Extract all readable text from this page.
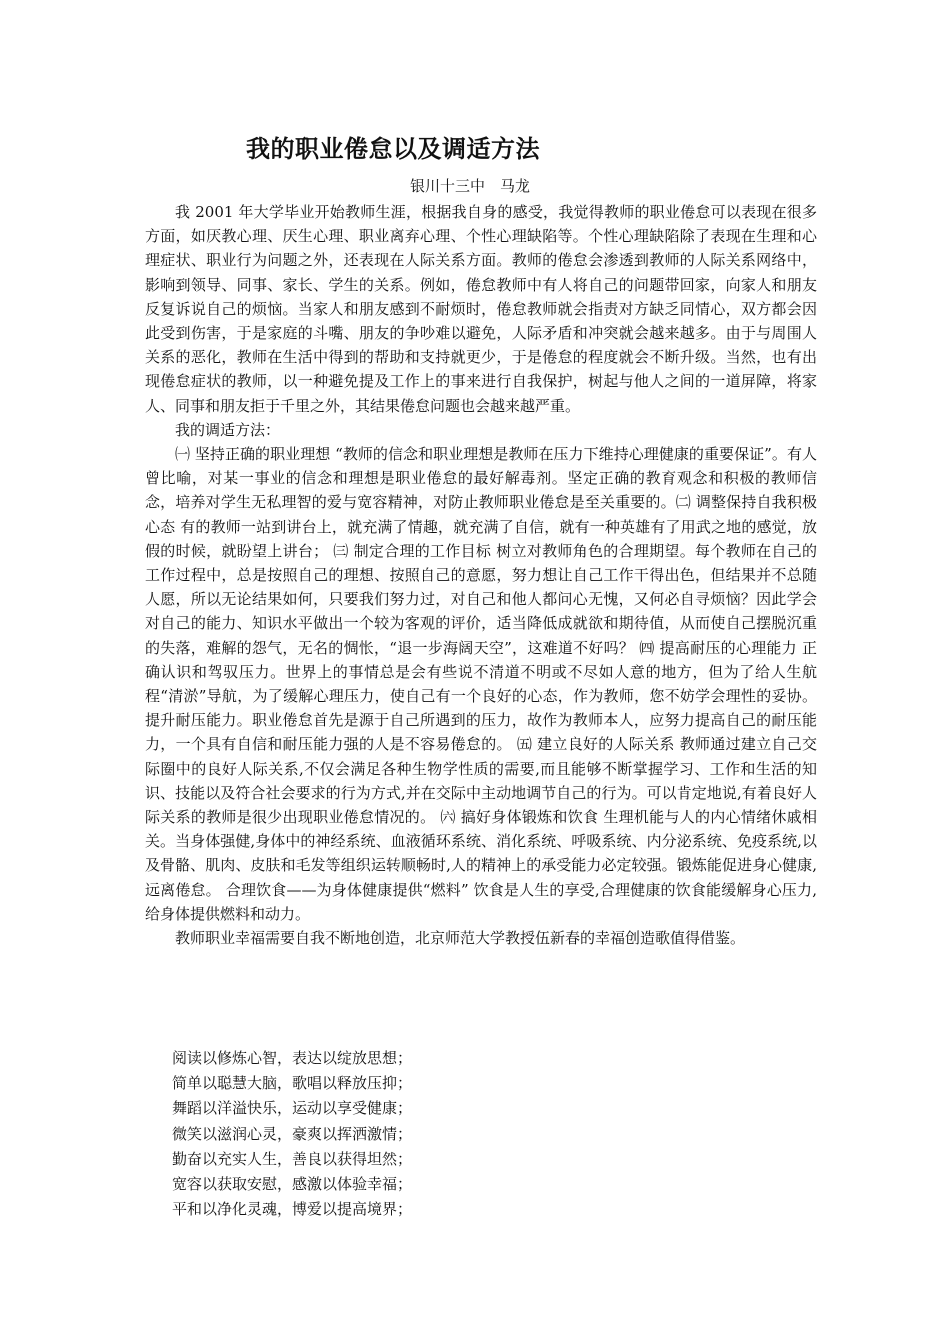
我的职业倦怠以及调适方法
银川十三中　马龙

我 2001 年大学毕业开始教师生涯，根据我自身的感受，我觉得教师的职业倦怠可以表现在很多方面，如厌教心理、厌生心理、职业离弃心理、个性心理缺陷等。个性心理缺陷除了表现在生理和心理症状、职业行为问题之外，还表现在人际关系方面。教师的倦怠会渗透到教师的人际关系网络中，影响到领导、同事、家长、学生的关系。例如，倦怠教师中有人将自己的问题带回家，向家人和朋友反复诉说自己的烦恼。当家人和朋友感到不耐烦时，倦怠教师就会指责对方缺乏同情心，双方都会因此受到伤害，于是家庭的斗嘴、朋友的争吵难以避免，人际矛盾和冲突就会越来越多。由于与周围人关系的恶化，教师在生活中得到的帮助和支持就更少，于是倦怠的程度就会不断升级。当然，也有出现倦怠症状的教师，以一种避免提及工作上的事来进行自我保护，树起与他人之间的一道屏障，将家人、同事和朋友拒于千里之外，其结果倦怠问题也会越来越严重。

我的调适方法：

㈠ 坚持正确的职业理想 “教师的信念和职业理想是教师在压力下维持心理健康的重要保证”。有人曾比喻，对某一事业的信念和理想是职业倦怠的最好解毒剂。坚定正确的教育观念和积极的教师信念，培养对学生无私理智的爱与宽容精神，对防止教师职业倦怠是至关重要的。㈡ 调整保持自我积极心态 有的教师一站到讲台上，就充满了情趣，就充满了自信，就有一种英雄有了用武之地的感觉，放假的时候，就盼望上讲台； ㈢ 制定合理的工作目标 树立对教师角色的合理期望。每个教师在自己的工作过程中，总是按照自己的理想、按照自己的意愿，努力想让自己工作干得出色，但结果并不总随人愿，所以无论结果如何，只要我们努力过，对自己和他人都问心无愧，又何必自寻烦恼？因此学会对自己的能力、知识水平做出一个较为客观的评价，适当降低成就欲和期待值，从而使自己摆脱沉重的失落，难解的怨气，无名的惆怅，“退一步海阔天空”，这难道不好吗？ ㈣ 提高耐压的心理能力 正确认识和驾驭压力。世界上的事情总是会有些说不清道不明或不尽如人意的地方，但为了给人生航程“清淤”导航，为了缓解心理压力，使自己有一个良好的心态，作为教师，您不妨学会理性的妥协。提升耐压能力。职业倦怠首先是源于自己所遇到的压力，故作为教师本人，应努力提高自己的耐压能力，一个具有自信和耐压能力强的人是不容易倦怠的。 ㈤ 建立良好的人际关系 教师通过建立自己交际圈中的良好人际关系,不仅会满足各种生物学性质的需要,而且能够不断掌握学习、工作和生活的知识、技能以及符合社会要求的行为方式,并在交际中主动地调节自己的行为。可以肯定地说,有着良好人际关系的教师是很少出现职业倦怠情况的。 ㈥ 搞好身体锻炼和饮食 生理机能与人的内心情绪休戚相关。当身体强健,身体中的神经系统、血液循环系统、消化系统、呼吸系统、内分泌系统、免疫系统,以及骨骼、肌肉、皮肤和毛发等组织运转顺畅时,人的精神上的承受能力必定较强。锻炼能促进身心健康,远离倦怠。 合理饮食——为身体健康提供“燃料” 饮食是人生的享受,合理健康的饮食能缓解身心压力,给身体提供燃料和动力。

教师职业幸福需要自我不断地创造，北京师范大学教授伍新春的幸福创造歌值得借鉴。

阅读以修炼心智，表达以绽放思想；
简单以聪慧大脑，歌唱以释放压抑；
舞蹈以洋溢快乐，运动以享受健康；
微笑以滋润心灵，豪爽以挥洒激情；
勤奋以充实人生，善良以获得坦然；
宽容以获取安慰，感激以体验幸福；
平和以净化灵魂，博爱以提高境界；
